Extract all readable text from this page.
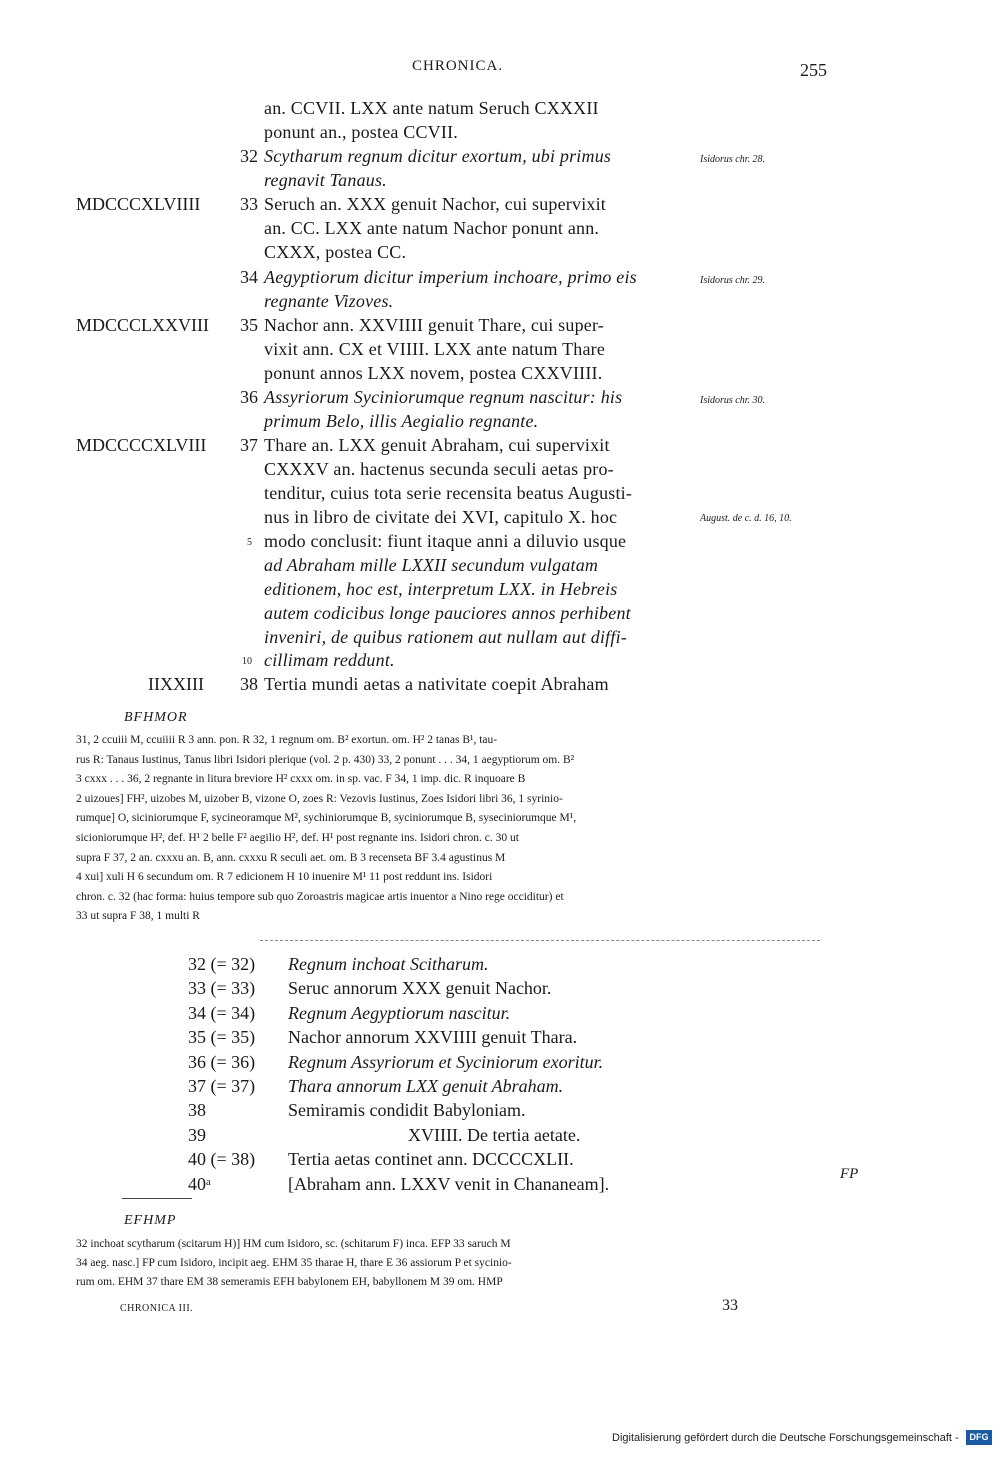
CHRONICA.	255
an. CCVII. LXX ante natum Seruch CXXXII
ponunt an., postea CCVII.
32 Scytharum regnum dicitur exortum, ubi primus	Isidorus chr. 28.
regnavit Tanaus.
MDCCCXLVIIII	33 Seruch an. XXX genuit Nachor, cui supervixit
an. CC. LXX ante natum Nachor ponunt ann.
CXXX, postea CC.
34 Aegyptiorum dicitur imperium inchoare, primo eis	Isidorus chr. 29.
regnante Vizoves.
MDCCCLXXVIII	35 Nachor ann. XXVIIII genuit Thare, cui super-
vixit ann. CX et VIIII. LXX ante natum Thare
ponunt annos LXX novem, postea CXXVIIII.
36 Assyriorum Syciniorumque regnum nascitur: his	Isidorus chr. 30.
primum Belo, illis Aegialio regnante.
MDCCCCXLVIII	37 Thare an. LXX genuit Abraham, cui supervixit
CXXXV an. hactenus secunda seculi aetas pro-
tenditur, cuius tota serie recensita beatus Augusti-
nus in libro de civitate dei XVI, capitulo X. hoc	August. de c. d. 16, 10.
5 modo conclusit: fiunt itaque anni a diluvio usque
ad Abraham mille LXXII secundum vulgatam
editionem, hoc est, interpretum LXX. in Hebreis
autem codicibus longe pauciores annos perhibent
inveniri, de quibus rationem aut nullam aut diffi-
10 cillimam reddunt.
IIXXIII	38 Tertia mundi aetas a nativitate coepit Abraham
BFHMOR
31, 2 ccuiii M, ccuiiii R 3 ann. pon. R 32, 1 regnum om. B² exortun. om. H² 2 tanas B¹, tau-
rus R: Tanaus Iustinus, Tanus libri Isidori plerique (vol. 2 p. 430) 33, 2 ponunt . . . 34, 1 aegyptiorum om. B²
3 cxxx . . . 36, 2 regnante in litura breviore H² cxxx om. in sp. vac. F 34, 1 imp. dic. R inquoare B
2 uizoues] FH², uizobes M, uizober B, vizone O, zoes R: Vezovis Iustinus, Zoes Isidori libri 36, 1 syrinio-
rumque] O, siciniorumque F, sycineoramque M², sychiniorumque B, syciniorumque B, syseciniorumque M¹,
sicioniorumque H², def. H¹ 2 belle F² aegilio H², def. H¹ post regnante ins. Isidori chron. c. 30 ut
supra F 37, 2 an. cxxxu an. B, ann. cxxxu R seculi aet. om. B 3 recenseta BF 3.4 agustinus M
4 xui] xuli H 6 secundum om. R 7 edicionem H 10 inuenire M¹ 11 post reddunt ins. Isidori
chron. c. 32 (hac forma: huius tempore sub quo Zoroastris magicae artis inuentor a Nino rege occiditur) et
33 ut supra F 38, 1 multi R
32 (= 32) Regnum inchoat Scitharum.
33 (= 33) Seruc annorum XXX genuit Nachor.
34 (= 34) Regnum Aegyptiorum nascitur.
35 (= 35) Nachor annorum XXVIIII genuit Thara.
36 (= 36) Regnum Assyriorum et Syciniorum exoritur.
37 (= 37) Thara annorum LXX genuit Abraham.
38	Semiramis condidit Babyloniam.
39	XVIIII. De tertia aetate.
40 (= 38) Tertia aetas continet ann. DCCCCXLII.
40ᵃ	[Abraham ann. LXXV venit in Chananeam].	FP
EFHMP
32 inchoat scytharum (scitarum H)] HM cum Isidoro, sc. (schitarum F) inca. EFP 33 saruch M
34 aeg. nasc.] FP cum Isidoro, incipit aeg. EHM 35 tharae H, thare E 36 assiorum P et sycinio-
rum om. EHM 37 thare EM 38 semeramis EFH babylonem EH, babyllonem M 39 om. HMP
CHRONICA III.	33
Digitalisierung gefördert durch die Deutsche Forschungsgemeinschaft -	DFG
